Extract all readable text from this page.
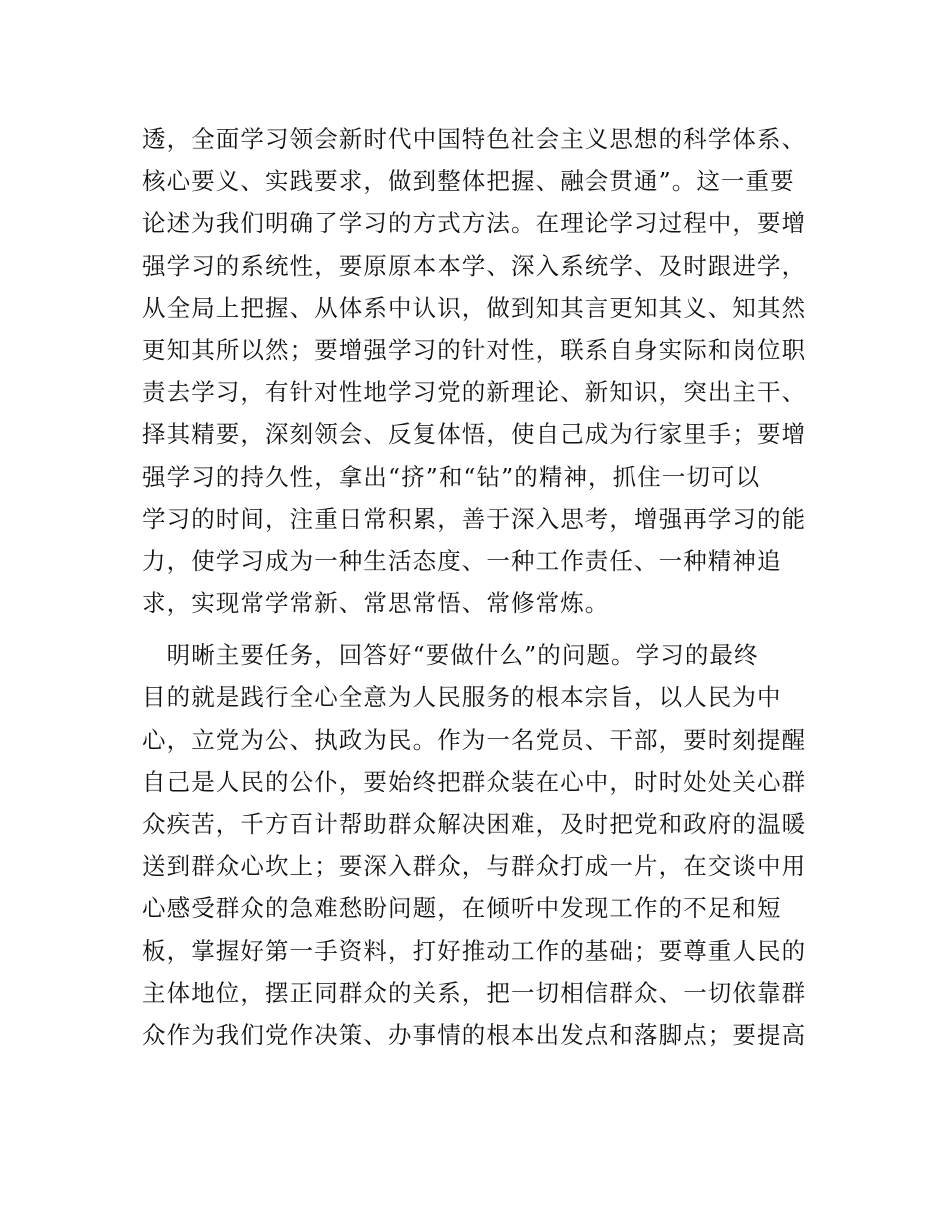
透，全面学习领会新时代中国特色社会主义思想的科学体系、
核心要义、实践要求，做到整体把握、融会贯通”。这一重要
论述为我们明确了学习的方式方法。在理论学习过程中，要增
强学习的系统性，要原原本本学、深入系统学、及时跟进学，
从全局上把握、从体系中认识，做到知其言更知其义、知其然
更知其所以然；要增强学习的针对性，联系自身实际和岗位职
责去学习，有针对性地学习党的新理论、新知识，突出主干、
择其精要，深刻领会、反复体悟，使自己成为行家里手；要增
强学习的持久性，拿出“挤”和“钻”的精神，抓住一切可以
学习的时间，注重日常积累，善于深入思考，增强再学习的能
力，使学习成为一种生活态度、一种工作责任、一种精神追
求，实现常学常新、常思常悟、常修常炼。
　明晰主要任务，回答好“要做什么”的问题。学习的最终
目的就是践行全心全意为人民服务的根本宗旨，以人民为中
心，立党为公、执政为民。作为一名党员、干部，要时刻提醒
自己是人民的公仆，要始终把群众装在心中，时时处处关心群
众疾苦，千方百计帮助群众解决困难，及时把党和政府的温暖
送到群众心坎上；要深入群众，与群众打成一片，在交谈中用
心感受群众的急难愁盼问题，在倾听中发现工作的不足和短
板，掌握好第一手资料，打好推动工作的基础；要尊重人民的
主体地位，摆正同群众的关系，把一切相信群众、一切依靠群
众作为我们党作决策、办事情的根本出发点和落脚点；要提高
